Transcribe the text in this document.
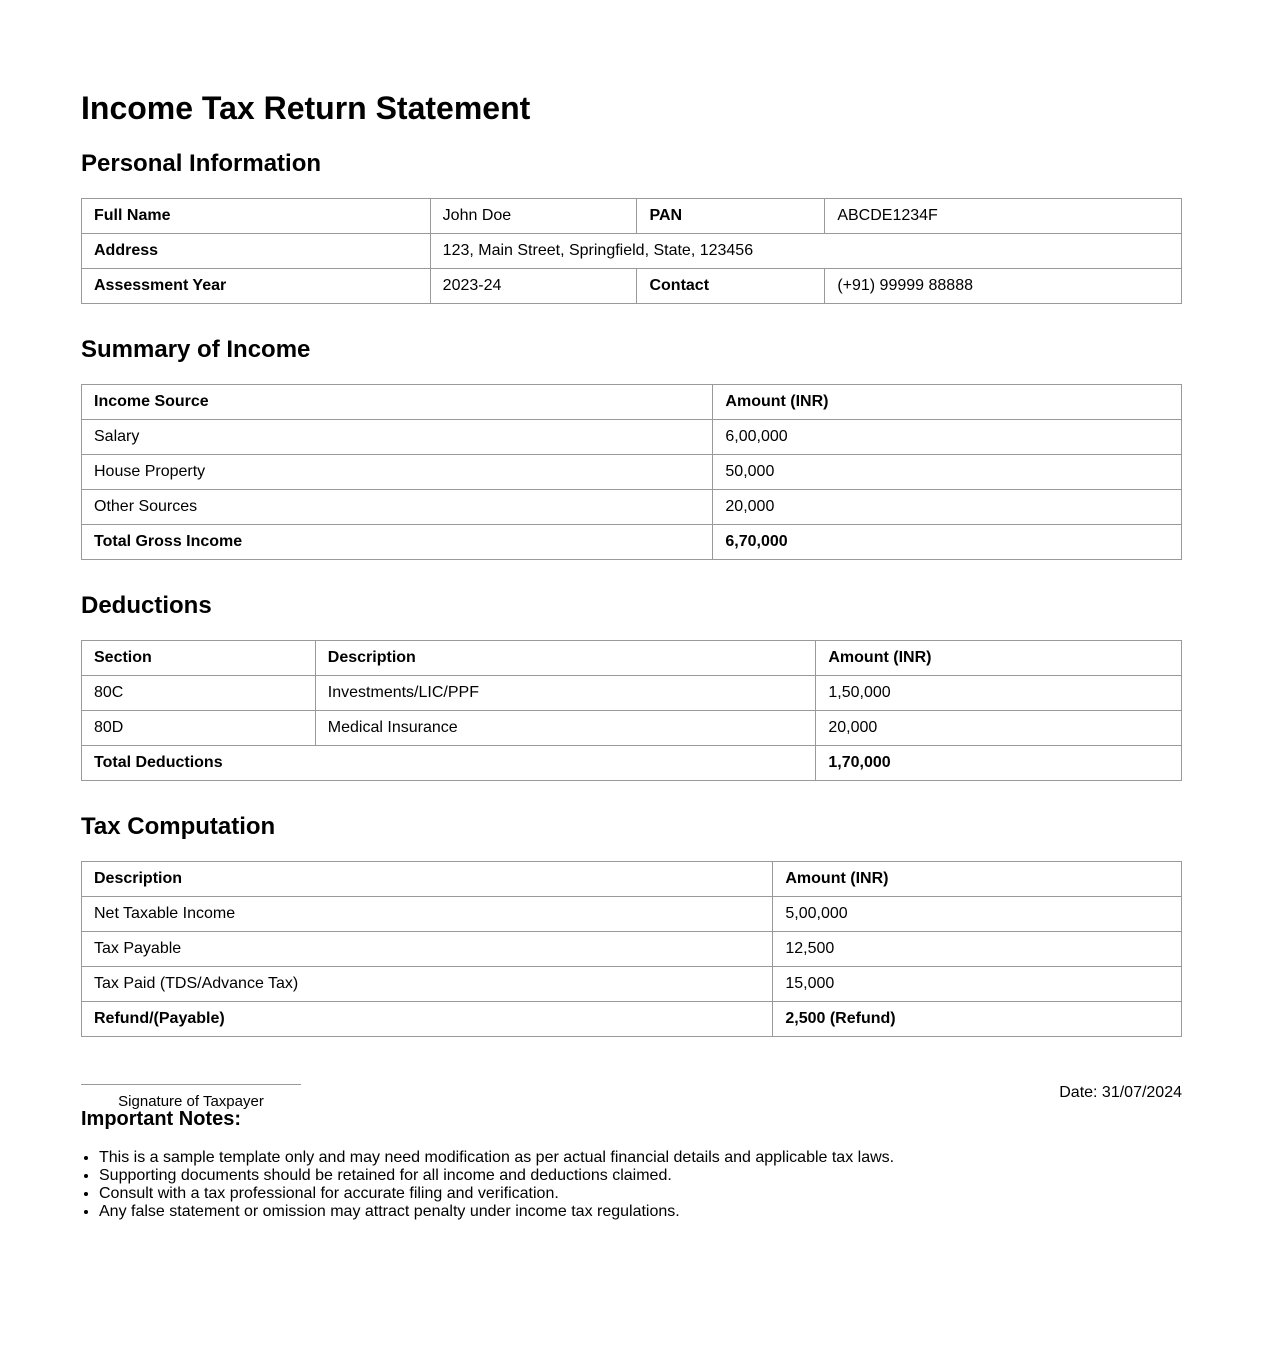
Income Tax Return Statement
Personal Information
Full Name	John Doe	PAN	ABCDE1234F
Address	123, Main Street, Springfield, State, 123456		
Assessment Year	2023-24	Contact	(+91) 99999 88888
Summary of Income
Income Source	Amount (INR)
Salary	6,00,000
House Property	50,000
Other Sources	20,000
Total Gross Income	6,70,000
Deductions
Section	Description	Amount (INR)
80C	Investments/LIC/PPF	1,50,000
80D	Medical Insurance	20,000
Total Deductions		1,70,000
Tax Computation
Description	Amount (INR)
Net Taxable Income	5,00,000
Tax Payable	12,500
Tax Paid (TDS/Advance Tax)	15,000
Refund/(Payable)	2,500 (Refund)
Signature of Taxpayer
Date: 31/07/2024
Important Notes:
• This is a sample template only and may need modification as per actual financial details and applicable tax laws.
• Supporting documents should be retained for all income and deductions claimed.
• Consult with a tax professional for accurate filing and verification.
• Any false statement or omission may attract penalty under income tax regulations.
